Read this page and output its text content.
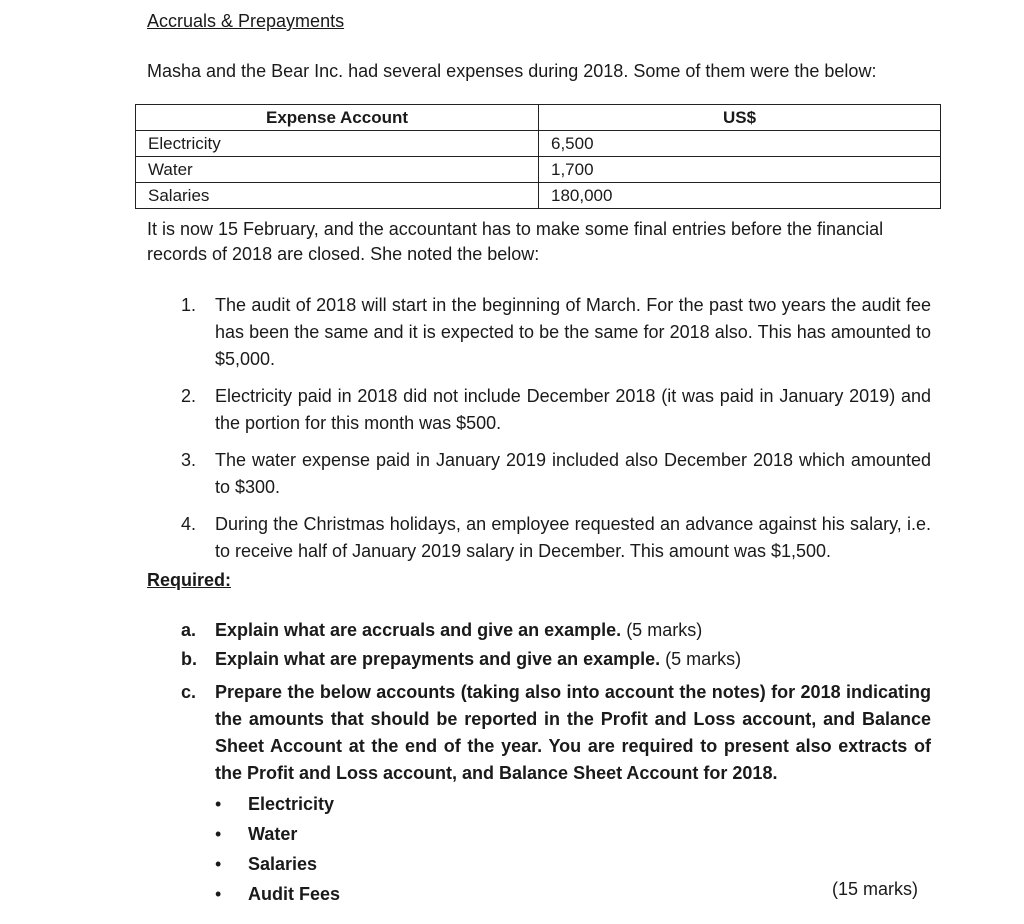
Accruals & Prepayments
Masha and the Bear Inc. had several expenses during 2018. Some of them were the below:
Expense Account	US$
Electricity	6,500
Water	1,700
Salaries	180,000
It is now 15 February, and the accountant has to make some final entries before the financial records of 2018 are closed. She noted the below:
1. The audit of 2018 will start in the beginning of March. For the past two years the audit fee has been the same and it is expected to be the same for 2018 also. This has amounted to $5,000.
2. Electricity paid in 2018 did not include December 2018 (it was paid in January 2019) and the portion for this month was $500.
3. The water expense paid in January 2019 included also December 2018 which amounted to $300.
4. During the Christmas holidays, an employee requested an advance against his salary, i.e. to receive half of January 2019 salary in December. This amount was $1,500.
Required:
a. Explain what are accruals and give an example. (5 marks)
b. Explain what are prepayments and give an example. (5 marks)
c. Prepare the below accounts (taking also into account the notes) for 2018 indicating the amounts that should be reported in the Profit and Loss account, and Balance Sheet Account at the end of the year. You are required to present also extracts of the Profit and Loss account, and Balance Sheet Account for 2018.
• Electricity
• Water
• Salaries
• Audit Fees	(15 marks)
